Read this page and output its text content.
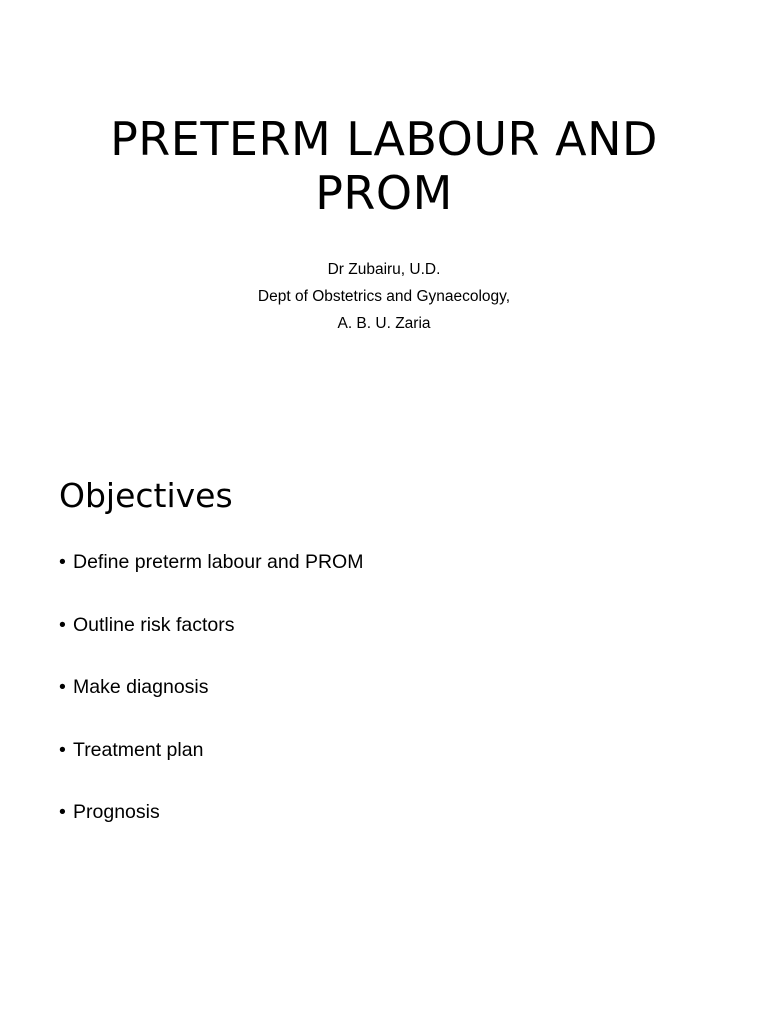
PRETERM LABOUR AND
PROM
Dr Zubairu, U.D.
Dept of Obstetrics and Gynaecology,
A. B. U. Zaria
Objectives
• Define preterm labour and PROM
• Outline risk factors
• Make diagnosis
• Treatment plan
• Prognosis
